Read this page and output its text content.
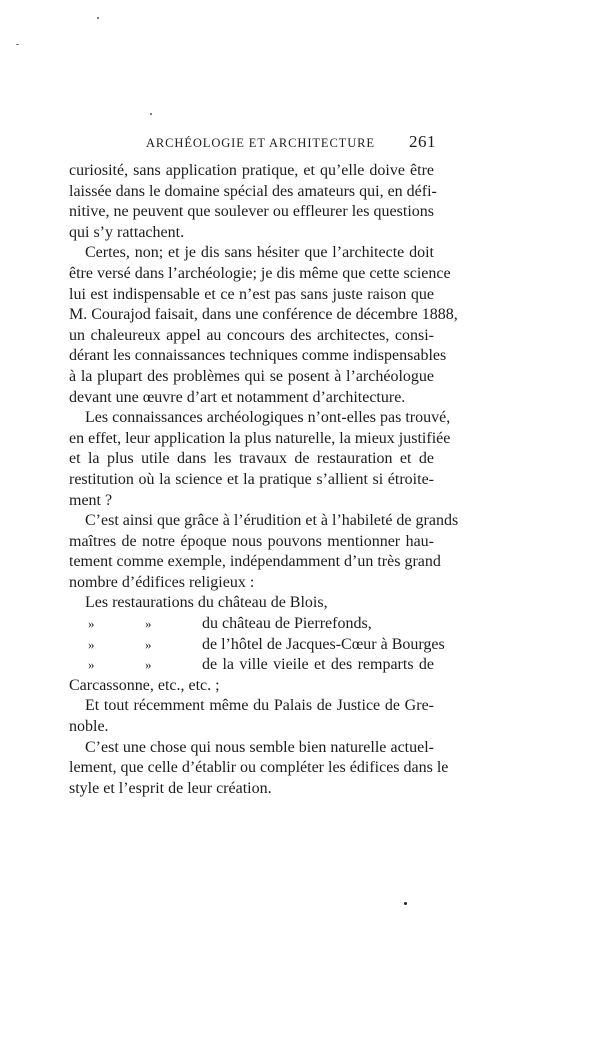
ARCHÉOLOGIE ET ARCHITECTURE 261
curiosité, sans application pratique, et qu’elle doive être
laissée dans le domaine spécial des amateurs qui, en défi-
nitive, ne peuvent que soulever ou effleurer les questions
qui s’y rattachent.
Certes, non; et je dis sans hésiter que l’architecte doit
être versé dans l’archéologie; je dis même que cette science
lui est indispensable et ce n’est pas sans juste raison que
M. Courajod faisait, dans une conférence de décembre 1888,
un chaleureux appel au concours des architectes, consi-
dérant les connaissances techniques comme indispensables
à la plupart des problèmes qui se posent à l’archéologue
devant une œuvre d’art et notamment d’architecture.
Les connaissances archéologiques n’ont-elles pas trouvé,
en effet, leur application la plus naturelle, la mieux justifiée
et la plus utile dans les travaux de restauration et de
restitution où la science et la pratique s’allient si étroite-
ment ?
C’est ainsi que grâce à l’érudition et à l’habileté de grands
maîtres de notre époque nous pouvons mentionner hau-
tement comme exemple, indépendamment d’un très grand
nombre d’édifices religieux :
Les restaurations du château de Blois,
»	»	du château de Pierrefonds,
»	»	de l’hôtel de Jacques-Cœur à Bourges
»	»	de la ville vieile et des remparts de
Carcassonne, etc., etc. ;
Et tout récemment même du Palais de Justice de Gre-
noble.
C’est une chose qui nous semble bien naturelle actuel-
lement, que celle d’établir ou compléter les édifices dans le
style et l’esprit de leur création.
